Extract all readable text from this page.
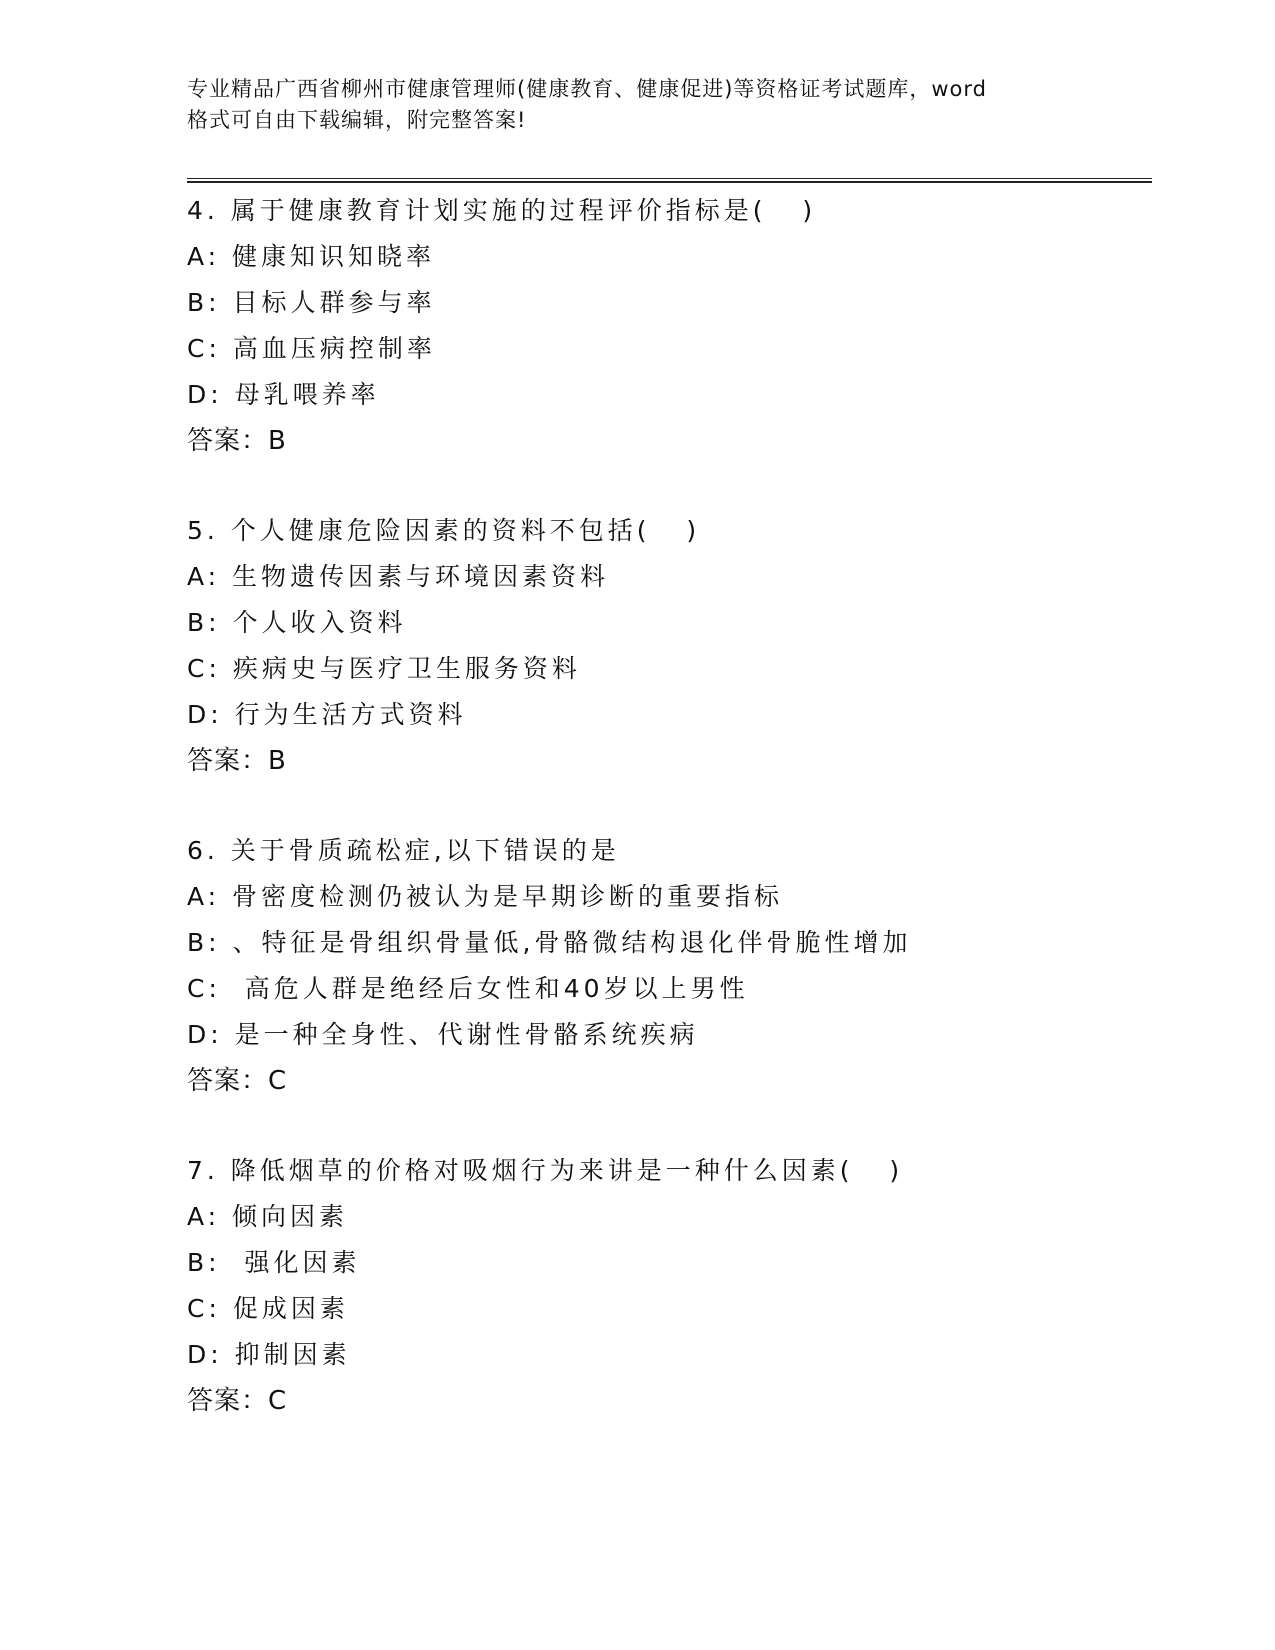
专业精品广西省柳州市健康管理师(健康教育、健康促进)等资格证考试题库，word
格式可自由下载编辑，附完整答案!
4. 属于健康教育计划实施的过程评价指标是(   )
A: 健康知识知晓率
B: 目标人群参与率
C: 高血压病控制率
D: 母乳喂养率
答案：B
5. 个人健康危险因素的资料不包括(   )
A: 生物遗传因素与环境因素资料
B: 个人收入资料
C: 疾病史与医疗卫生服务资料
D: 行为生活方式资料
答案：B
6. 关于骨质疏松症,以下错误的是
A: 骨密度检测仍被认为是早期诊断的重要指标
B: 、特征是骨组织骨量低,骨骼微结构退化伴骨脆性增加
C:  高危人群是绝经后女性和40岁以上男性
D: 是一种全身性、代谢性骨骼系统疾病
答案：C
7. 降低烟草的价格对吸烟行为来讲是一种什么因素(   )
A: 倾向因素
B:  强化因素
C: 促成因素
D: 抑制因素
答案：C
